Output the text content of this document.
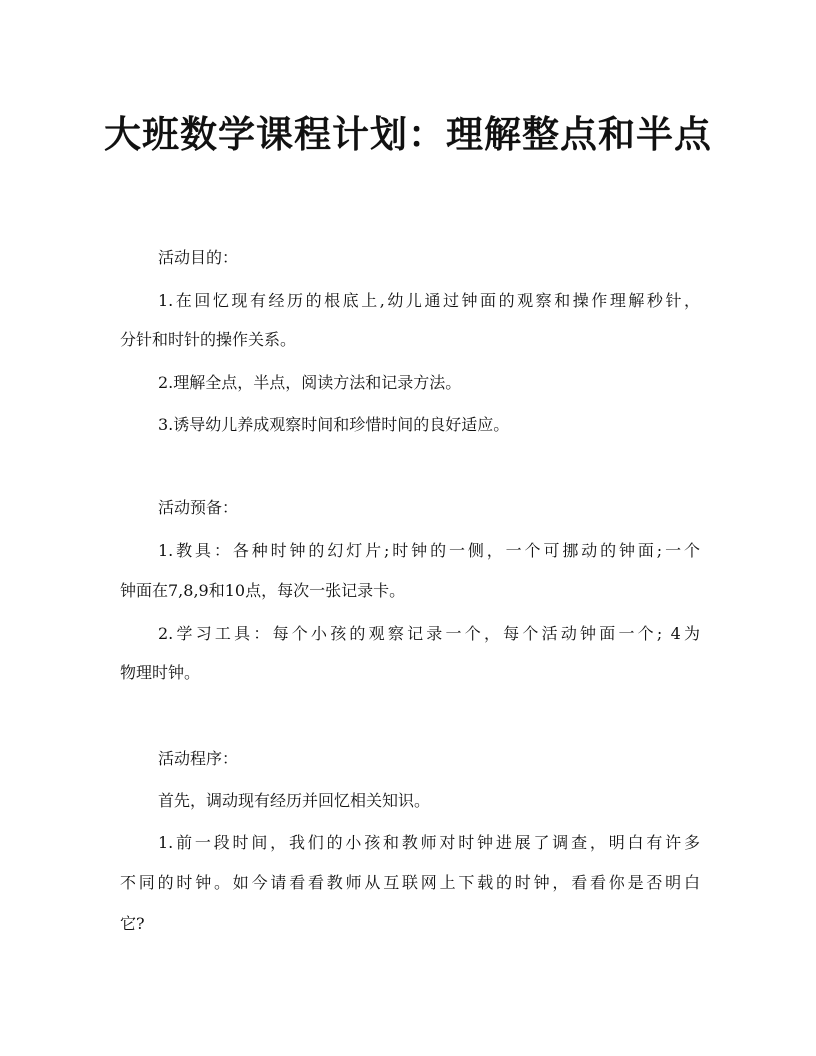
大班数学课程计划：理解整点和半点
活动目的：
1.在回忆现有经历的根底上,幼儿通过钟面的观察和操作理解秒针，
分针和时针的操作关系。
2.理解全点，半点，阅读方法和记录方法。
3.诱导幼儿养成观察时间和珍惜时间的良好适应。
活动预备：
1.教具：各种时钟的幻灯片;时钟的一侧，一个可挪动的钟面;一个
钟面在7,8,9和10点，每次一张记录卡。
2.学习工具：每个小孩的观察记录一个，每个活动钟面一个; 4为
物理时钟。
活动程序：
首先，调动现有经历并回忆相关知识。
1.前一段时间，我们的小孩和教师对时钟进展了调查，明白有许多
不同的时钟。如今请看看教师从互联网上下载的时钟，看看你是否明白
它?
